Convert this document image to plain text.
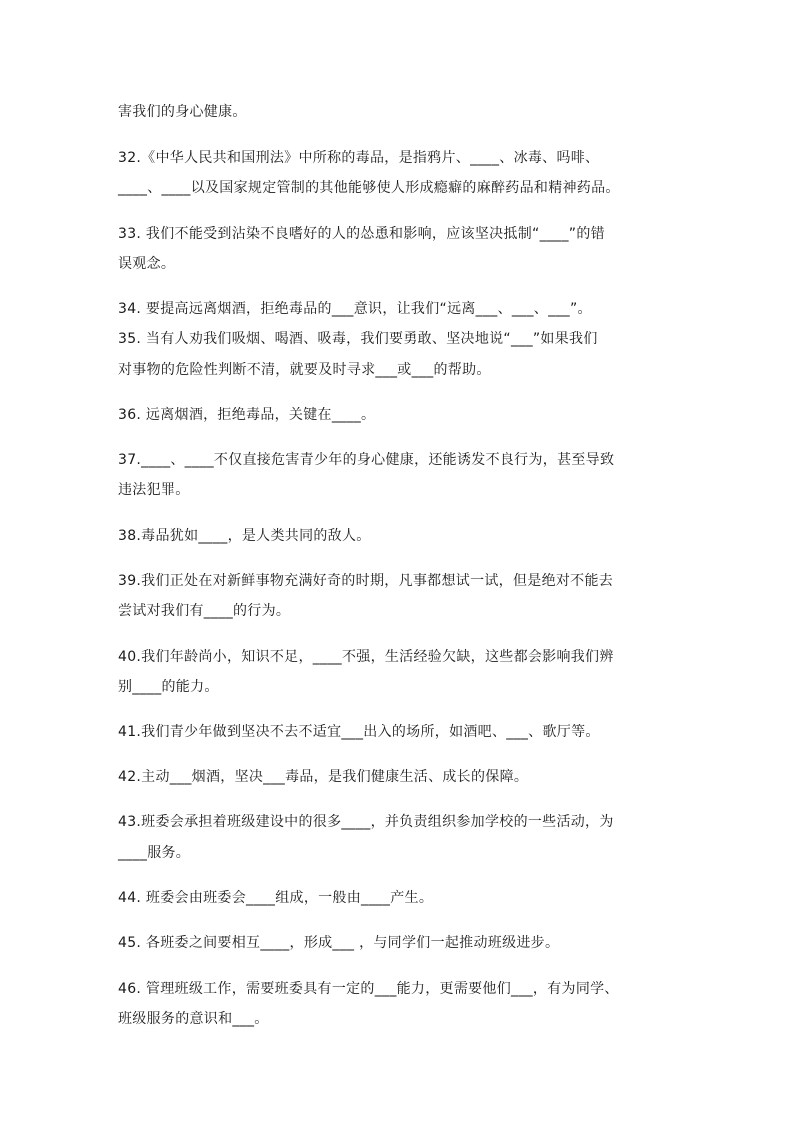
害我们的身心健康。
32.《中华人民共和国刑法》中所称的毒品，是指鸦片、____、冰毒、吗啡、
____、____以及国家规定管制的其他能够使人形成瘾癖的麻醉药品和精神药品。
33. 我们不能受到沾染不良嗜好的人的怂恿和影响，应该坚决抵制“____”的错
误观念。
34. 要提高远离烟酒，拒绝毒品的___意识，让我们“远离___、___、___”。
35. 当有人劝我们吸烟、喝酒、吸毒，我们要勇敢、坚决地说“___”如果我们
对事物的危险性判断不清，就要及时寻求___或___的帮助。
36. 远离烟酒，拒绝毒品，关键在____。
37.____、____不仅直接危害青少年的身心健康，还能诱发不良行为，甚至导致
违法犯罪。
38.毒品犹如____，是人类共同的敌人。
39.我们正处在对新鲜事物充满好奇的时期，凡事都想试一试，但是绝对不能去
尝试对我们有____的行为。
40.我们年龄尚小，知识不足，____不强，生活经验欠缺，这些都会影响我们辨
别____的能力。
41.我们青少年做到坚决不去不适宜___出入的场所，如酒吧、___、歌厅等。
42.主动___烟酒，坚决___毒品，是我们健康生活、成长的保障。
43.班委会承担着班级建设中的很多____，并负责组织参加学校的一些活动，为
____服务。
44. 班委会由班委会____组成，一般由____产生。
45. 各班委之间要相互____，形成___ ，与同学们一起推动班级进步。
46. 管理班级工作，需要班委具有一定的___能力，更需要他们___，有为同学、
班级服务的意识和___。
